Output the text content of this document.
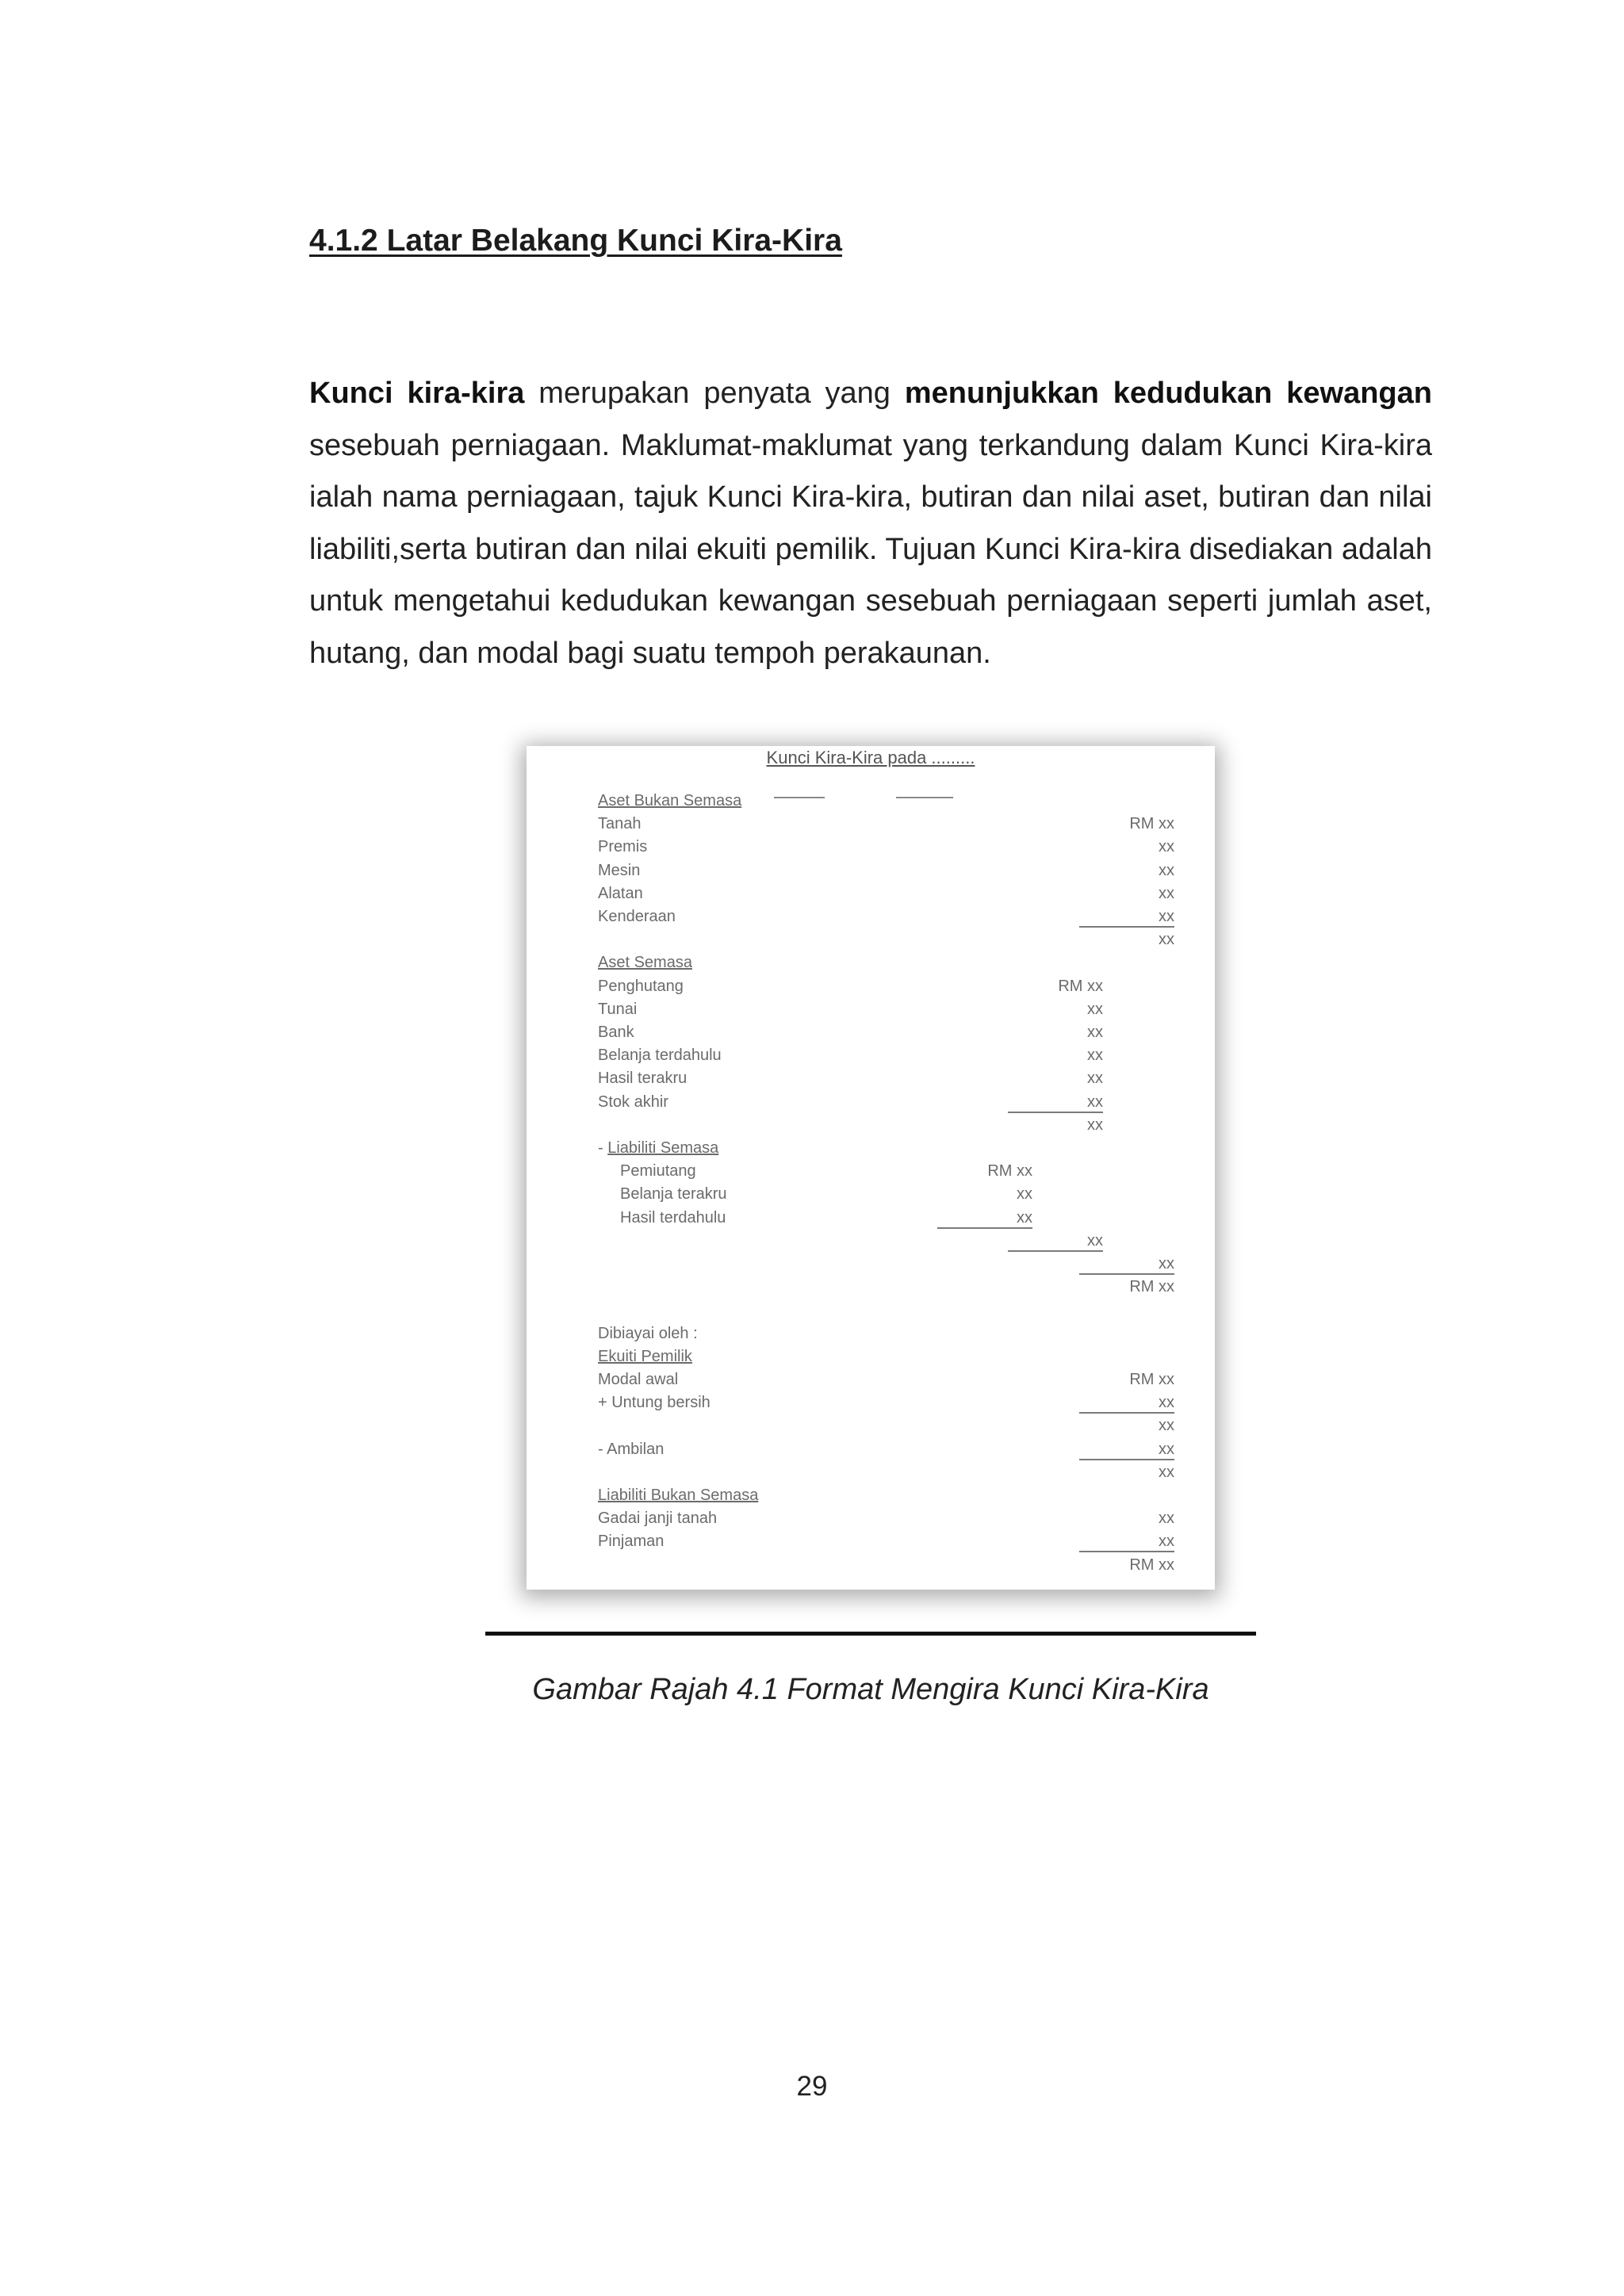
4.1.2 Latar Belakang Kunci Kira-Kira

Kunci kira-kira merupakan penyata yang menunjukkan kedudukan kewangan sesebuah perniagaan. Maklumat-maklumat yang terkandung dalam Kunci Kira-kira ialah nama perniagaan, tajuk Kunci Kira-kira, butiran dan nilai aset, butiran dan nilai liabiliti,serta butiran dan nilai ekuiti pemilik. Tujuan Kunci Kira-kira disediakan adalah untuk mengetahui kedudukan kewangan sesebuah perniagaan seperti jumlah aset, hutang, dan modal bagi suatu tempoh perakaunan.

Kunci Kira-Kira pada .........
Aset Bukan Semasa
Tanah	RM xx
Premis	xx
Mesin	xx
Alatan	xx
Kenderaan	xx
xx
Aset Semasa
Penghutang	RM xx
Tunai	xx
Bank	xx
Belanja terdahulu	xx
Hasil terakru	xx
Stok akhir	xx
xx
- Liabiliti Semasa
Pemiutang	RM xx
Belanja terakru	xx
Hasil terdahulu	xx
xx
xx
RM xx
Dibiayai oleh :
Ekuiti Pemilik
Modal awal	RM xx
+ Untung bersih	xx
xx
- Ambilan	xx
xx
Liabiliti Bukan Semasa
Gadai janji tanah	xx
Pinjaman	xx
RM xx

Gambar Rajah 4.1 Format Mengira Kunci Kira-Kira

29
